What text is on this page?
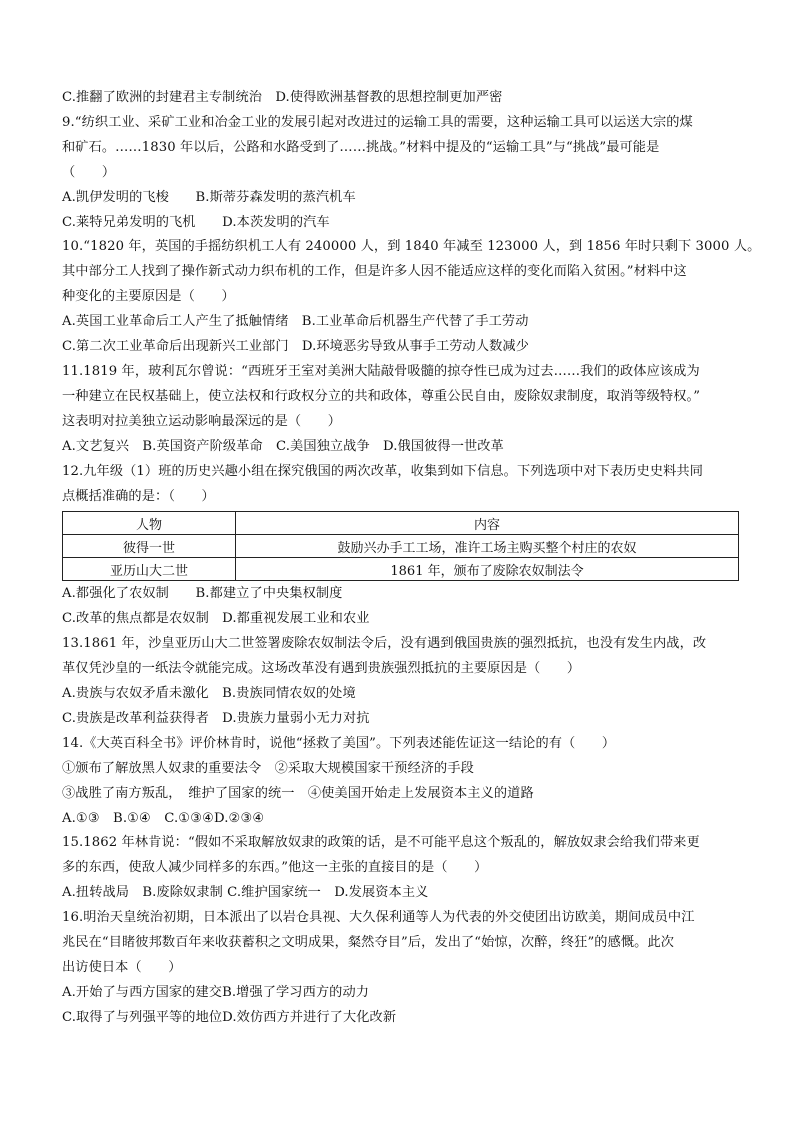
C.推翻了欧洲的封建君主专制统治　D.使得欧洲基督教的思想控制更加严密
9.“纺织工业、采矿工业和冶金工业的发展引起对改进过的运输工具的需要，这种运输工具可以运送大宗的煤
和矿石。……1830 年以后，公路和水路受到了……挑战。”材料中提及的“运输工具”与“挑战”最可能是
（　　）
A.凯伊发明的飞梭　　B.斯蒂芬森发明的蒸汽机车
C.莱特兄弟发明的飞机　　D.本茨发明的汽车
10.“1820 年，英国的手摇纺织机工人有 240000 人，到 1840 年减至 123000 人，到 1856 年时只剩下 3000 人。
其中部分工人找到了操作新式动力织布机的工作，但是许多人因不能适应这样的变化而陷入贫困。”材料中这
种变化的主要原因是（　　）
A.英国工业革命后工人产生了抵触情绪　B.工业革命后机器生产代替了手工劳动
C.第二次工业革命后出现新兴工业部门　D.环境恶劣导致从事手工劳动人数减少
11.1819 年，玻利瓦尔曾说：“西班牙王室对美洲大陆敲骨吸髓的掠夺性已成为过去……我们的政体应该成为
一种建立在民权基础上，使立法权和行政权分立的共和政体，尊重公民自由，废除奴隶制度，取消等级特权。”
这表明对拉美独立运动影响最深远的是（　　）
A.文艺复兴　B.英国资产阶级革命　C.美国独立战争　D.俄国彼得一世改革
12.九年级（1）班的历史兴趣小组在探究俄国的两次改革，收集到如下信息。下列选项中对下表历史史料共同
点概括准确的是：（　　）
人物	内容
彼得一世	鼓励兴办手工工场，准许工场主购买整个村庄的农奴
亚历山大二世	1861 年，颁布了废除农奴制法令
A.都强化了农奴制　　B.都建立了中央集权制度
C.改革的焦点都是农奴制　D.都重视发展工业和农业
13.1861 年，沙皇亚历山大二世签署废除农奴制法令后，没有遇到俄国贵族的强烈抵抗，也没有发生内战，改
革仅凭沙皇的一纸法令就能完成。这场改革没有遇到贵族强烈抵抗的主要原因是（　　）
A.贵族与农奴矛盾未激化　B.贵族同情农奴的处境
C.贵族是改革利益获得者　D.贵族力量弱小无力对抗
14.《大英百科全书》评价林肯时，说他“拯救了美国”。下列表述能佐证这一结论的有（　　）
①颁布了解放黑人奴隶的重要法令　②采取大规模国家干预经济的手段
③战胜了南方叛乱，　维护了国家的统一　④使美国开始走上发展资本主义的道路
A.①③　B.①④　C.①③④D.②③④
15.1862 年林肯说：“假如不采取解放奴隶的政策的话，是不可能平息这个叛乱的，解放奴隶会给我们带来更
多的东西，使敌人减少同样多的东西。”他这一主张的直接目的是（　　）
A.扭转战局　B.废除奴隶制 C.维护国家统一　D.发展资本主义
16.明治天皇统治初期，日本派出了以岩仓具视、大久保利通等人为代表的外交使团出访欧美，期间成员中江
兆民在“目睹彼邦数百年来收获蓄积之文明成果，粲然夺目”后，发出了“始惊，次醉，终狂”的感慨。此次
出访使日本（　　）
A.开始了与西方国家的建交B.增强了学习西方的动力
C.取得了与列强平等的地位D.效仿西方并进行了大化改新
